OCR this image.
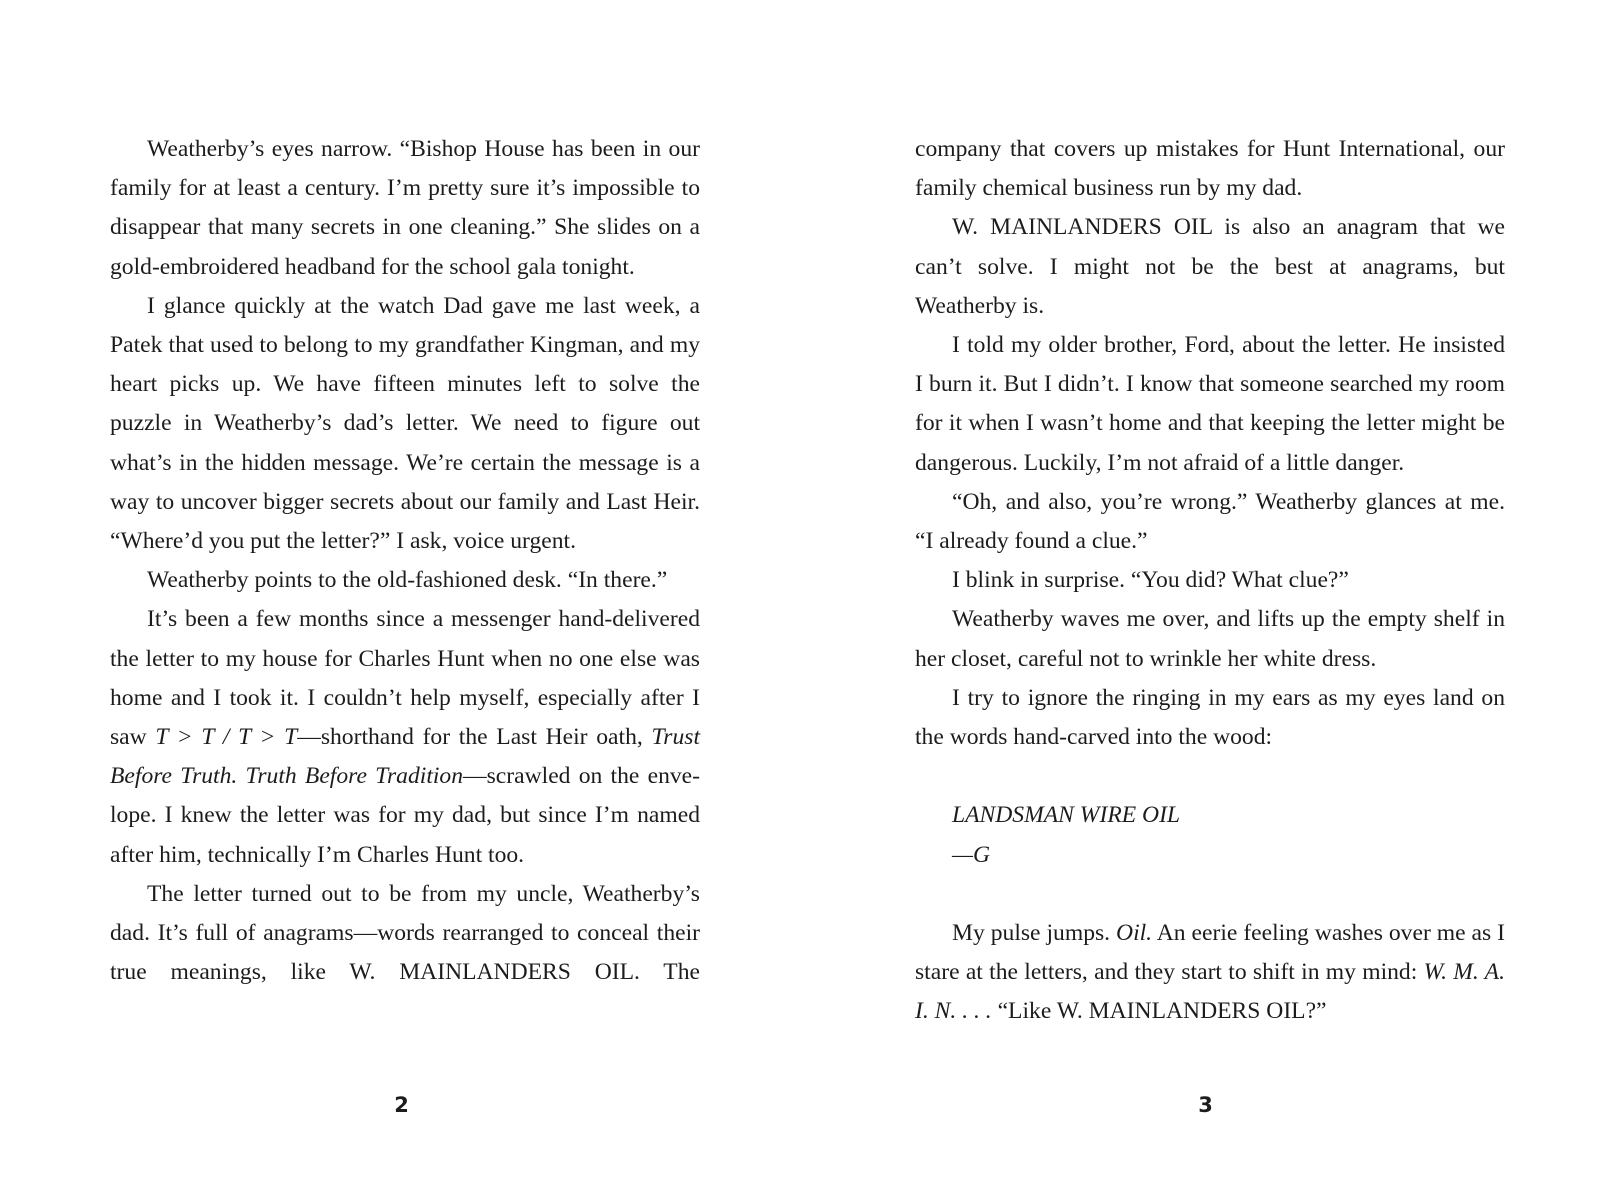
Weatherby’s eyes narrow. “Bishop House has been in our family for at least a century. I’m pretty sure it’s impossible to disappear that many secrets in one cleaning.” She slides on a gold-embroidered headband for the school gala tonight.

I glance quickly at the watch Dad gave me last week, a Patek that used to belong to my grandfather Kingman, and my heart picks up. We have fifteen minutes left to solve the puzzle in Weatherby’s dad’s letter. We need to figure out what’s in the hidden message. We’re certain the message is a way to uncover bigger secrets about our family and Last Heir. “Where’d you put the letter?” I ask, voice urgent.

Weatherby points to the old-fashioned desk. “In there.”

It’s been a few months since a messenger hand-delivered the letter to my house for Charles Hunt when no one else was home and I took it. I couldn’t help myself, especially after I saw T > T / T > T—shorthand for the Last Heir oath, Trust Before Truth. Truth Before Tradition—scrawled on the envelope. I knew the letter was for my dad, but since I’m named after him, technically I’m Charles Hunt too.

The letter turned out to be from my uncle, Weatherby’s dad. It’s full of anagrams—words rearranged to conceal their true meanings, like W. MAINLANDERS OIL. The

2

company that covers up mistakes for Hunt International, our family chemical business run by my dad.

W. MAINLANDERS OIL is also an anagram that we can’t solve. I might not be the best at anagrams, but Weatherby is.

I told my older brother, Ford, about the letter. He insisted I burn it. But I didn’t. I know that someone searched my room for it when I wasn’t home and that keeping the letter might be dangerous. Luckily, I’m not afraid of a little danger.

“Oh, and also, you’re wrong.” Weatherby glances at me. “I already found a clue.”

I blink in surprise. “You did? What clue?”

Weatherby waves me over, and lifts up the empty shelf in her closet, careful not to wrinkle her white dress.

I try to ignore the ringing in my ears as my eyes land on the words hand-carved into the wood:

LANDSMAN WIRE OIL

—G

My pulse jumps. Oil. An eerie feeling washes over me as I stare at the letters, and they start to shift in my mind: W. M. A. I. N. . . . “Like W. MAINLANDERS OIL?”

3
